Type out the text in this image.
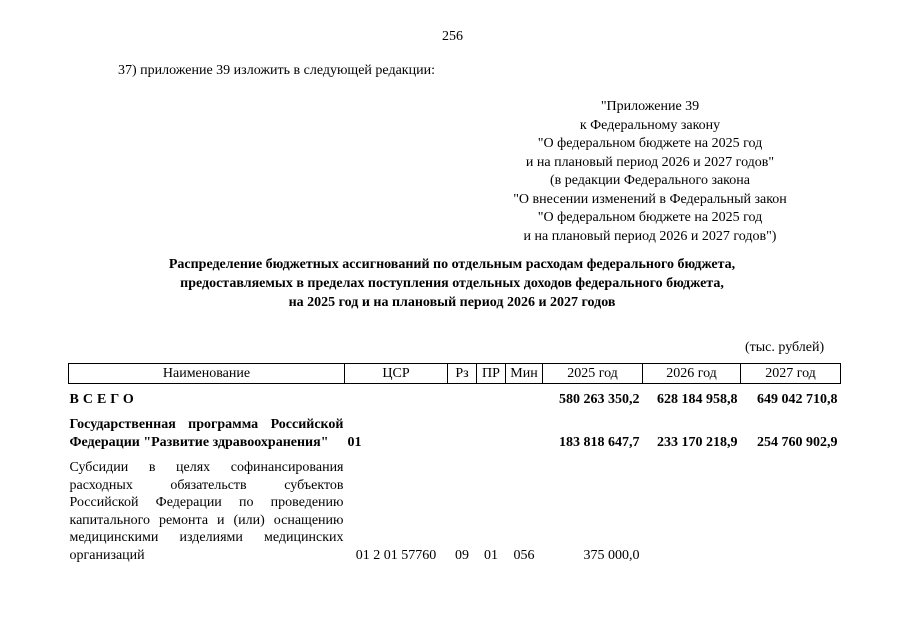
256
37) приложение 39 изложить в следующей редакции:
"Приложение 39
к Федеральному закону
"О федеральном бюджете на 2025 год
и на плановый период 2026 и 2027 годов"
(в редакции Федерального закона
"О внесении изменений в Федеральный закон
"О федеральном бюджете на 2025 год
и на плановый период 2026 и 2027 годов")
Распределение бюджетных ассигнований по отдельным расходам федерального бюджета,
предоставляемых в пределах поступления отдельных доходов федерального бюджета,
на 2025 год и на плановый период 2026 и 2027 годов
(тыс. рублей)
Наименование	ЦСР	Рз	ПР	Мин	2025 год	2026 год	2027 год

ВСЕГО					580 263 350,2	628 184 958,8	649 042 710,8

Государственная программа Российской Федерации "Развитие здравоохранения"	01				183 818 647,7	233 170 218,9	254 760 902,9

Субсидии в целях софинансирования расходных обязательств субъектов Российской Федерации по проведению капитального ремонта и (или) оснащению медицинскими изделиями медицинских организаций	01 2 01 57760	09	01	056	375 000,0		
